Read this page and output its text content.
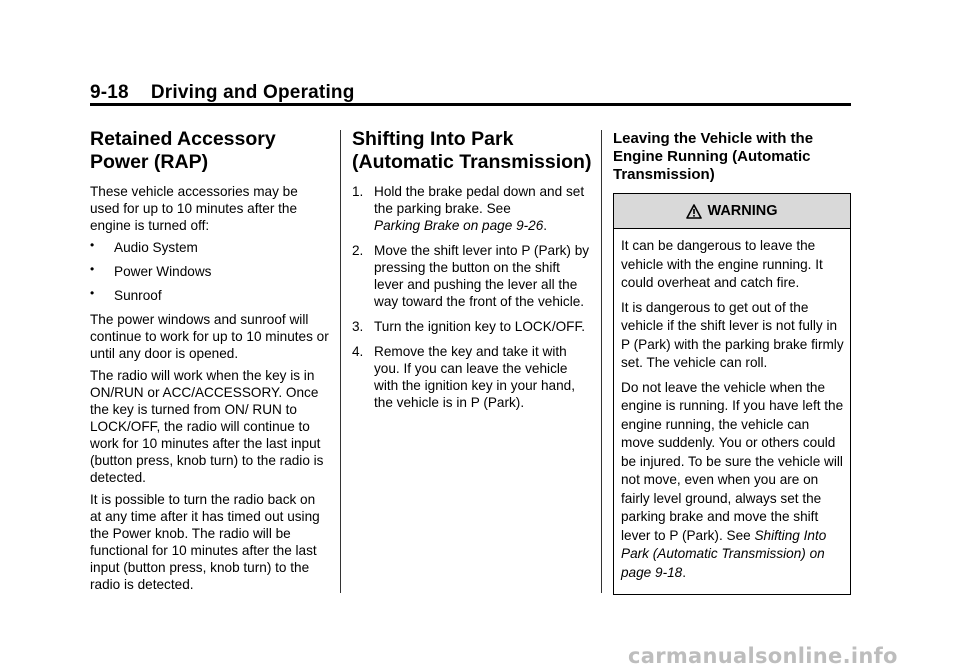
9-18 Driving and Operating
Retained Accessory Power (RAP)

These vehicle accessories may be used for up to 10 minutes after the engine is turned off:

• Audio System

• Power Windows

• Sunroof

The power windows and sunroof will continue to work for up to 10 minutes or until any door is opened.

The radio will work when the key is in ON/RUN or ACC/ACCESSORY. Once the key is turned from ON/ RUN to LOCK/OFF, the radio will continue to work for 10 minutes after the last input (button press, knob turn) to the radio is detected.

It is possible to turn the radio back on at any time after it has timed out using the Power knob. The radio will be functional for 10 minutes after the last input (button press, knob turn) to the radio is detected.

Shifting Into Park (Automatic Transmission)

1. Hold the brake pedal down and set the parking brake. See
Parking Brake on page 9-26.

2. Move the shift lever into P (Park) by pressing the button on the shift lever and pushing the lever all the way toward the front of the vehicle.

3. Turn the ignition key to LOCK/OFF.

4. Remove the key and take it with you. If you can leave the vehicle with the ignition key in your hand, the vehicle is in P (Park).

Leaving the Vehicle with the Engine Running (Automatic Transmission)
WARNING

It can be dangerous to leave the vehicle with the engine running. It could overheat and catch fire.

It is dangerous to get out of the vehicle if the shift lever is not fully in P (Park) with the parking brake firmly set. The vehicle can roll.

Do not leave the vehicle when the engine is running. If you have left the engine running, the vehicle can move suddenly. You or others could be injured. To be sure the vehicle will not move, even when you are on fairly level ground, always set the parking brake and move the shift lever to P (Park). See Shifting Into Park (Automatic Transmission) on page 9-18.

carmanualsonline.info
